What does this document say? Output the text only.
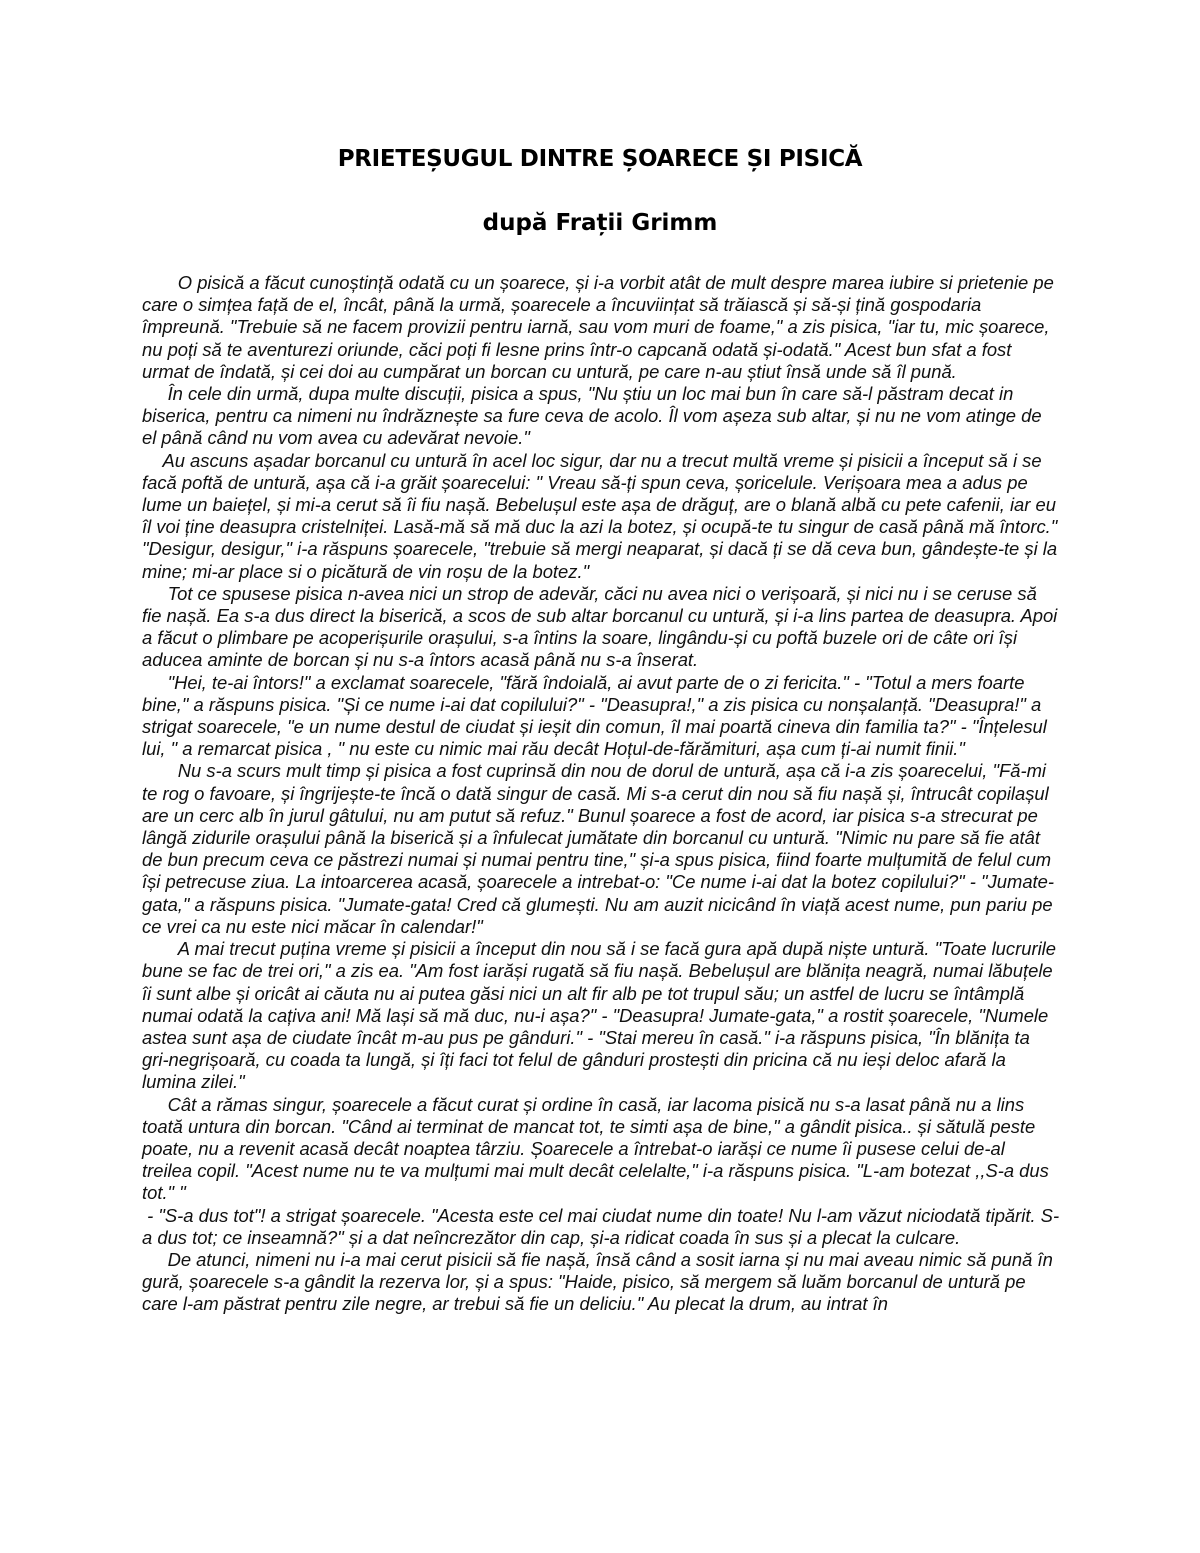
PRIETEȘUGUL DINTRE ȘOARECE ȘI PISICĂ
după Frații Grimm

O pisică a făcut cunoștință odată cu un șoarece, și i-a vorbit atât de mult despre marea iubire si prietenie pe care o simțea față de el, încât, până la urmă, șoarecele a încuviințat să trăiască și să-și țină gospodaria împreună. "Trebuie să ne facem provizii pentru iarnă, sau vom muri de foame," a zis pisica, "iar tu, mic șoarece, nu poți să te aventurezi oriunde, căci poți fi lesne prins într-o capcană odată și-odată." Acest bun sfat a fost urmat de îndată, și cei doi au cumpărat un borcan cu untură, pe care n-au știut însă unde să îl pună.

În cele din urmă, dupa multe discuții, pisica a spus, "Nu știu un loc mai bun în care să-l păstram decat in biserica, pentru ca nimeni nu îndrăznește sa fure ceva de acolo. Îl vom așeza sub altar, și nu ne vom atinge de el până când nu vom avea cu adevărat nevoie."

Au ascuns așadar borcanul cu untură în acel loc sigur, dar nu a trecut multă vreme și pisicii a început să i se facă poftă de untură, așa că i-a grăit șoarecelui: " Vreau să-ți spun ceva, șoricelule. Verișoara mea a adus pe lume un baiețel, și mi-a cerut să îi fiu nașă. Bebelușul este așa de drăguț, are o blană albă cu pete cafenii, iar eu îl voi ține deasupra cristelniței. Lasă-mă să mă duc la azi la botez, și ocupă-te tu singur de casă până mă întorc." "Desigur, desigur," i-a răspuns șoarecele, "trebuie să mergi neaparat, și dacă ți se dă ceva bun, gândește-te și la mine; mi-ar place si o picătură de vin roșu de la botez."

Tot ce spusese pisica n-avea nici un strop de adevăr, căci nu avea nici o verișoară, și nici nu i se ceruse să fie nașă. Ea s-a dus direct la biserică, a scos de sub altar borcanul cu untură, și i-a lins partea de deasupra. Apoi a făcut o plimbare pe acoperișurile orașului, s-a întins la soare, lingându-și cu poftă buzele ori de câte ori își aducea aminte de borcan și nu s-a întors acasă până nu s-a înserat.

"Hei, te-ai întors!" a exclamat soarecele, "fără îndoială, ai avut parte de o zi fericita." - "Totul a mers foarte bine," a răspuns pisica. "Și ce nume i-ai dat copilului?" - "Deasupra!," a zis pisica cu nonșalanță. "Deasupra!" a strigat soarecele, "e un nume destul de ciudat și ieșit din comun, îl mai poartă cineva din familia ta?" - "Înțelesul lui, " a remarcat pisica , " nu este cu nimic mai rău decât Hoțul-de-fărămituri, așa cum ți-ai numit finii."

Nu s-a scurs mult timp și pisica a fost cuprinsă din nou de dorul de untură, așa că i-a zis șoarecelui, "Fă-mi te rog o favoare, și îngrijește-te încă o dată singur de casă. Mi s-a cerut din nou să fiu nașă și, întrucât copilașul are un cerc alb în jurul gâtului, nu am putut să refuz." Bunul șoarece a fost de acord, iar pisica s-a strecurat pe lângă zidurile orașului până la biserică și a înfulecat jumătate din borcanul cu untură. "Nimic nu pare să fie atât de bun precum ceva ce păstrezi numai și numai pentru tine," și-a spus pisica, fiind foarte mulțumită de felul cum își petrecuse ziua. La intoarcerea acasă, șoarecele a intrebat-o: "Ce nume i-ai dat la botez copilului?" - "Jumate-gata," a răspuns pisica. "Jumate-gata! Cred că glumești. Nu am auzit nicicând în viață acest nume, pun pariu pe ce vrei ca nu este nici măcar în calendar!"

A mai trecut puțina vreme și pisicii a început din nou să i se facă gura apă după niște untură. "Toate lucrurile bune se fac de trei ori," a zis ea. "Am fost iarăși rugată să fiu nașă. Bebelușul are blănița neagră, numai lăbuțele îi sunt albe și oricât ai căuta nu ai putea găsi nici un alt fir alb pe tot trupul său; un astfel de lucru se întâmplă numai odată la cațiva ani! Mă lași să mă duc, nu-i așa?" - "Deasupra! Jumate-gata," a rostit șoarecele, "Numele astea sunt așa de ciudate încât m-au pus pe gânduri." - "Stai mereu în casă." i-a răspuns pisica, "În blănița ta gri-negrișoară, cu coada ta lungă, și îți faci tot felul de gânduri prostești din pricina că nu ieși deloc afară la lumina zilei."

Cât a rămas singur, șoarecele a făcut curat și ordine în casă, iar lacoma pisică nu s-a lasat până nu a lins toată untura din borcan. "Când ai terminat de mancat tot, te simti așa de bine," a gândit pisica.. și sătulă peste poate, nu a revenit acasă decât noaptea târziu. Șoarecele a întrebat-o iarăși ce nume îi pusese celui de-al treilea copil. "Acest nume nu te va mulțumi mai mult decât celelalte," i-a răspuns pisica. "L-am botezat ,,S-a dus tot." "

- "S-a dus tot"! a strigat șoarecele. "Acesta este cel mai ciudat nume din toate! Nu l-am văzut niciodată tipărit. S-a dus tot; ce inseamnă?" și a dat neîncrezător din cap, și-a ridicat coada în sus și a plecat la culcare.

De atunci, nimeni nu i-a mai cerut pisicii să fie nașă, însă când a sosit iarna și nu mai aveau nimic să pună în gură, șoarecele s-a gândit la rezerva lor, și a spus: "Haide, pisico, să mergem să luăm borcanul de untură pe care l-am păstrat pentru zile negre, ar trebui să fie un deliciu." Au plecat la drum, au intrat în
